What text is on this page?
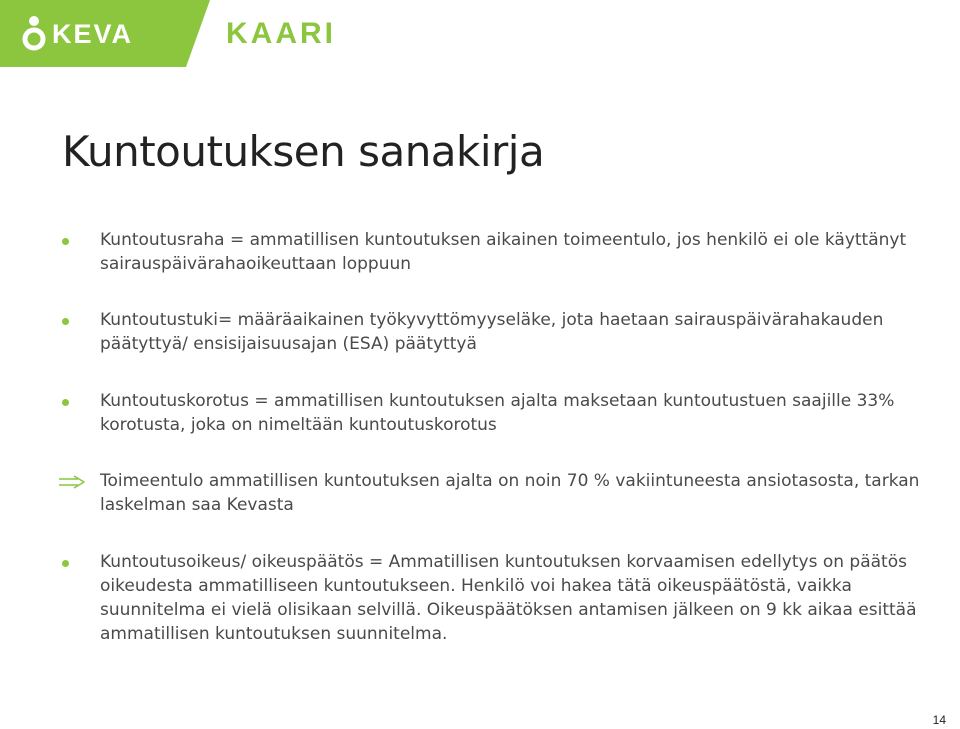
KEVA	KAARI
Kuntoutuksen sanakirja
Kuntoutusraha = ammatillisen kuntoutuksen aikainen toimeentulo, jos henkilö ei ole käyttänyt sairauspäivärahaoikeuttaan loppuun
Kuntoutustuki= määräaikainen työkyvyttömyyseläke, jota haetaan sairauspäivärahakauden päätyttyä/ ensisijaisuusajan (ESA) päätyttyä
Kuntoutuskorotus = ammatillisen kuntoutuksen ajalta maksetaan kuntoutustuen saajille 33% korotusta, joka on nimeltään kuntoutuskorotus
Toimeentulo ammatillisen kuntoutuksen ajalta on noin 70 % vakiintuneesta ansiotasosta, tarkan laskelman saa Kevasta
Kuntoutusoikeus/ oikeuspäätös = Ammatillisen kuntoutuksen korvaamisen edellytys on päätös oikeudesta ammatilliseen kuntoutukseen. Henkilö voi hakea tätä oikeuspäätöstä, vaikka suunnitelma ei vielä olisikaan selvillä. Oikeuspäätöksen antamisen jälkeen on 9 kk aikaa esittää ammatillisen kuntoutuksen suunnitelma.
14
